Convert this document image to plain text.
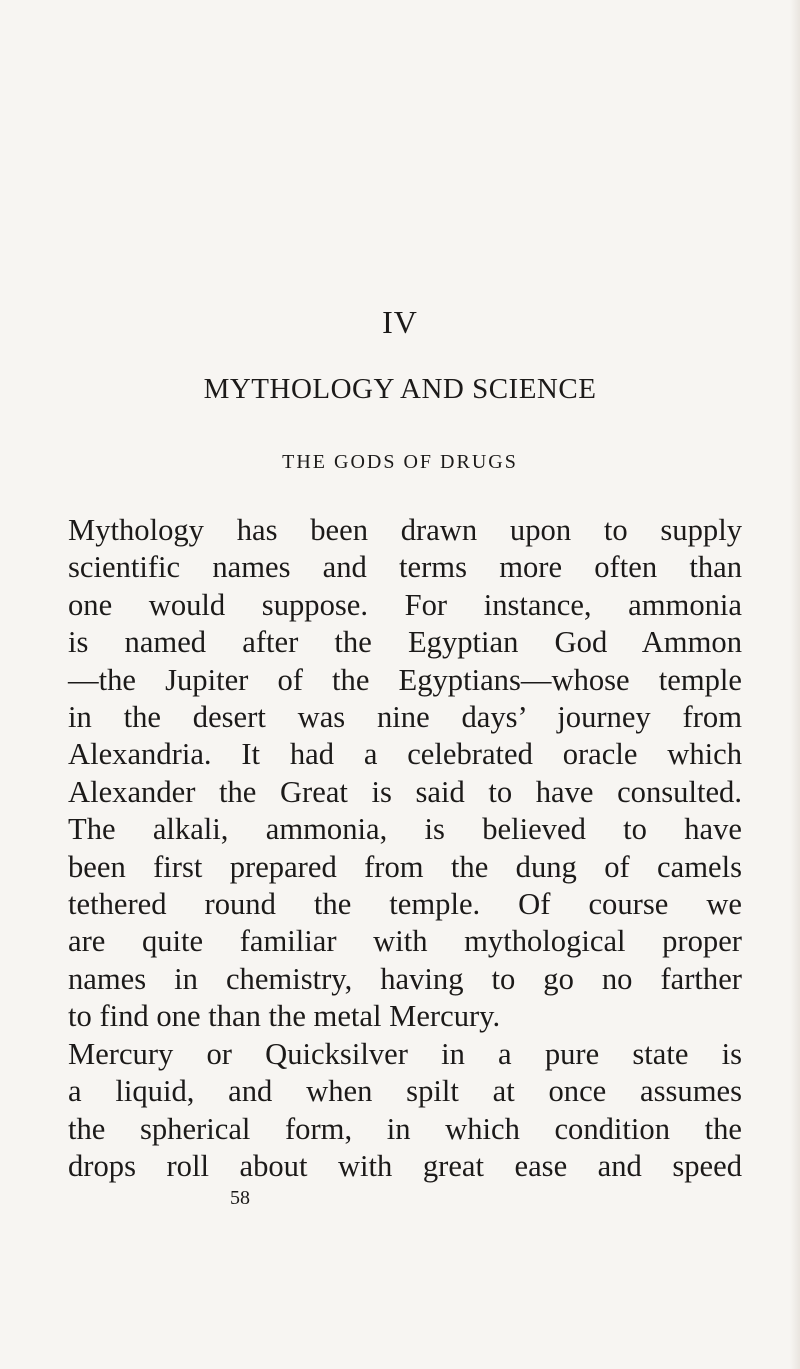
IV
MYTHOLOGY AND SCIENCE
THE GODS OF DRUGS
Mythology has been drawn upon to supply
scientific names and terms more often than
one would suppose. For instance, ammonia
is named after the Egyptian God Ammon
—the Jupiter of the Egyptians—whose temple
in the desert was nine days’ journey from
Alexandria. It had a celebrated oracle which
Alexander the Great is said to have consulted.
The alkali, ammonia, is believed to have
been first prepared from the dung of camels
tethered round the temple. Of course we
are quite familiar with mythological proper
names in chemistry, having to go no farther
to find one than the metal Mercury.
Mercury or Quicksilver in a pure state is
a liquid, and when spilt at once assumes
the spherical form, in which condition the
drops roll about with great ease and speed
58
